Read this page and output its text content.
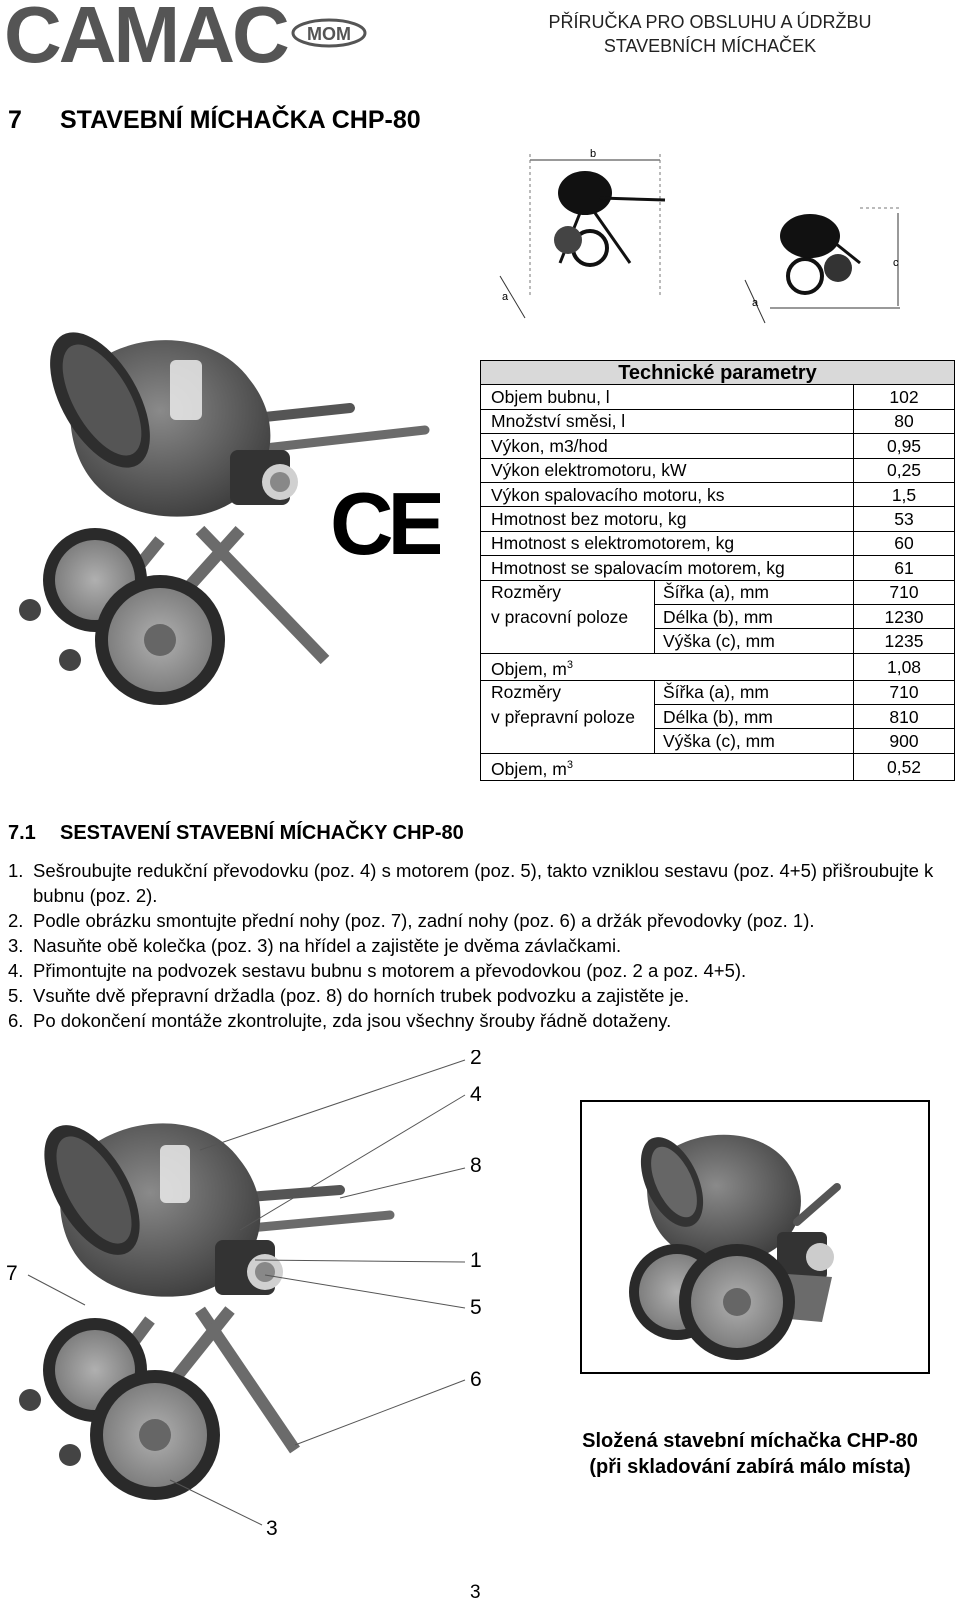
CAMAC MOM
PŘÍRUČKA PRO OBSLUHU A ÚDRŽBU
STAVEBNÍCH MÍCHAČEK
7 STAVEBNÍ MÍCHAČKA CHP-80
b
a
c
a
CE
Technické parametry		
Objem bubnu, l		102
Množství směsi, l		80
Výkon, m3/hod		0,95
Výkon elektromotoru, kW		0,25
Výkon spalovacího motoru, ks		1,5
Hmotnost bez motoru, kg		53
Hmotnost s elektromotorem, kg		60
Hmotnost se spalovacím motorem, kg		61
Rozměry	Šířka (a), mm	710
v pracovní poloze	Délka (b), mm	1230
	Výška (c), mm	1235
Objem, $m^3$		1,08
Rozměry	Šířka (a), mm	710
v přepravní poloze	Délka (b), mm	810
	Výška (c), mm	900
Objem, $m^3$		0,52
7.1 SESTAVENÍ STAVEBNÍ MÍCHAČKY CHP-80
1. Sešroubujte redukční převodovku (poz. 4) s motorem (poz. 5), takto vzniklou sestavu (poz. 4+5) přišroubujte k bubnu (poz. 2).
2. Podle obrázku smontujte přední nohy (poz. 7), zadní nohy (poz. 6) a držák převodovky (poz. 1).
3. Nasuňte obě kolečka (poz. 3) na hřídel a zajistěte je dvěma závlačkami.
4. Přimontujte na podvozek sestavu bubnu s motorem a převodovkou (poz. 2 a poz. 4+5).
5. Vsuňte dvě přepravní držadla (poz. 8) do horních trubek podvozku a zajistěte je.
6. Po dokončení montáže zkontrolujte, zda jsou všechny šrouby řádně dotaženy.
2
4
8
1
5
6
7
3
Složená stavební míchačka CHP-80
(při skladování zabírá málo místa)
3
